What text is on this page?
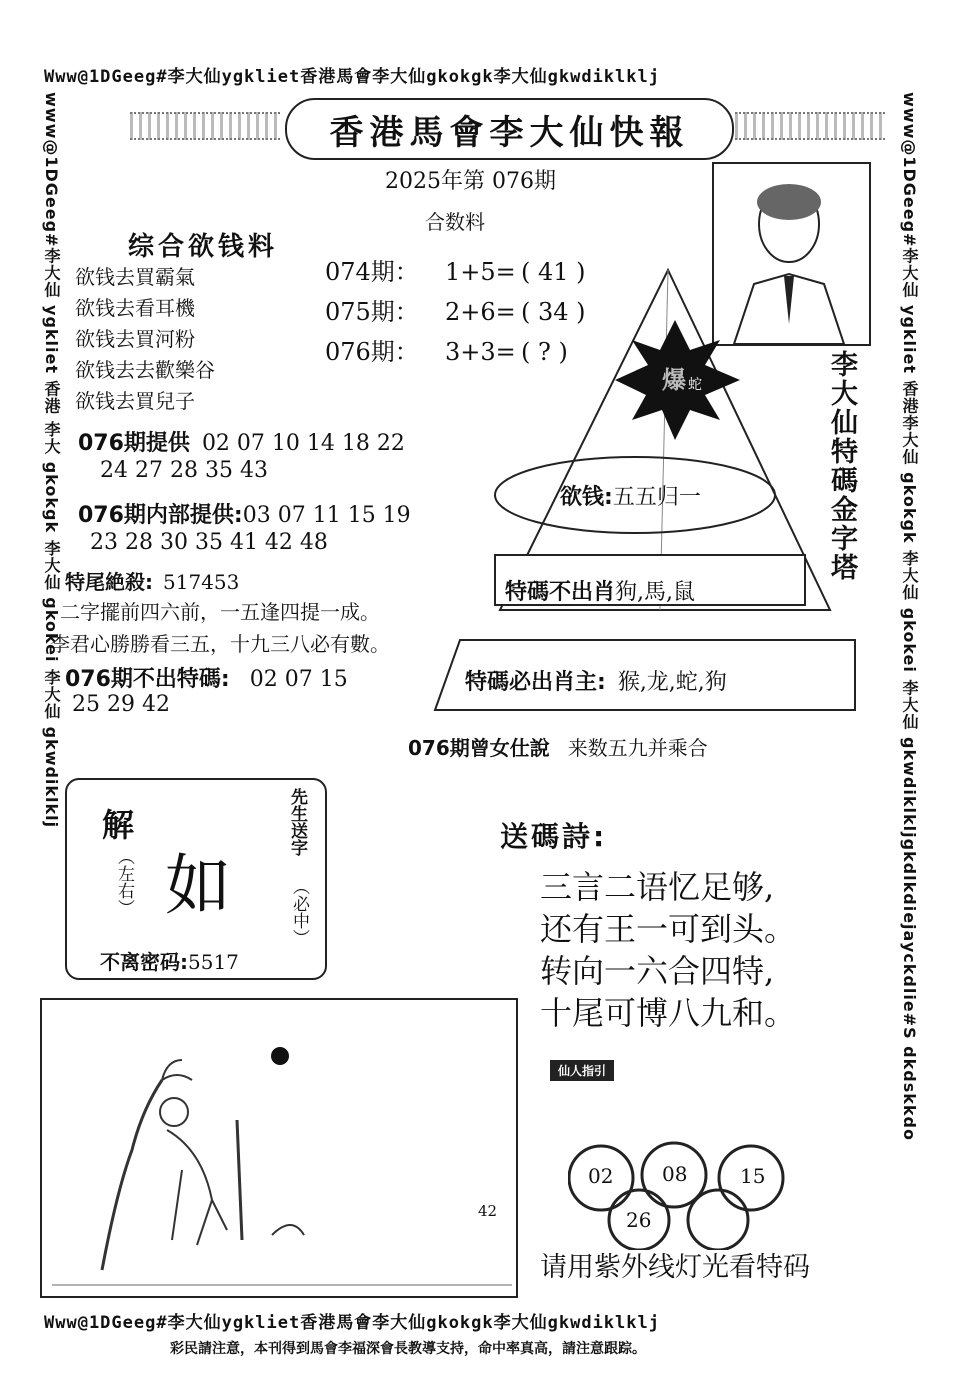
Www@1DGeeg#李大仙ygkliet香港馬會李大仙gkokgk李大仙gkwdiklklj
Www@1DGeeg#李大仙ygkliet香港馬會李大仙gkokgk李大仙gkwdiklklj
www@1DGeeg#李大仙 ygkliet 香港 李大 gkokgk 李大仙 gkokei 李大仙 gkwdiklklj	www@1DGeeg#李大仙 ygkliet 香港李大仙 gkokgk 李大仙 gkokei 李大仙 gkwdiklkljgkdlkdiejayckdlie#S dkdskkdo
彩民請注意，本刊得到馬會李福深會長教導支持，命中率真高，請注意跟踪。
香港馬會李大仙快報
2025年第 076期
合数料
综合欲钱料
欲钱去買霸氣
欲钱去看耳機
欲钱去買河粉
欲钱去去歡樂谷
欲钱去買兒子
074期： 1+5= ( 41 )
075期： 2+6= ( 34 )
076期： 3+3= ( ? )
爆 蛇	李大仙特碼金字塔
欲钱:五五归一
特碼不出肖狗,馬,鼠
特碼必出肖主: 猴,龙,蛇,狗
076期提供 02 07 10 14 18 22
24 27 28 35 43
076期内部提供:03 07 11 15 19
23 28 30 35 41 42 48
特尾絶殺: 517453
二字擺前四六前，一五逢四提一成。
李君心勝勝看三五，十九三八必有數。
076期不出特碼: 02 07 15
25 29 42
076期曾女仕說 来数五九并乘合
解
（左右） 如
先生送字
（必中）
不离密码:5517
送碼詩:
三言二语忆足够,
还有王一可到头。
转向一六合四特,
十尾可博八九和。
仙人指引
42
02 08	15
26
请用紫外线灯光看特码
